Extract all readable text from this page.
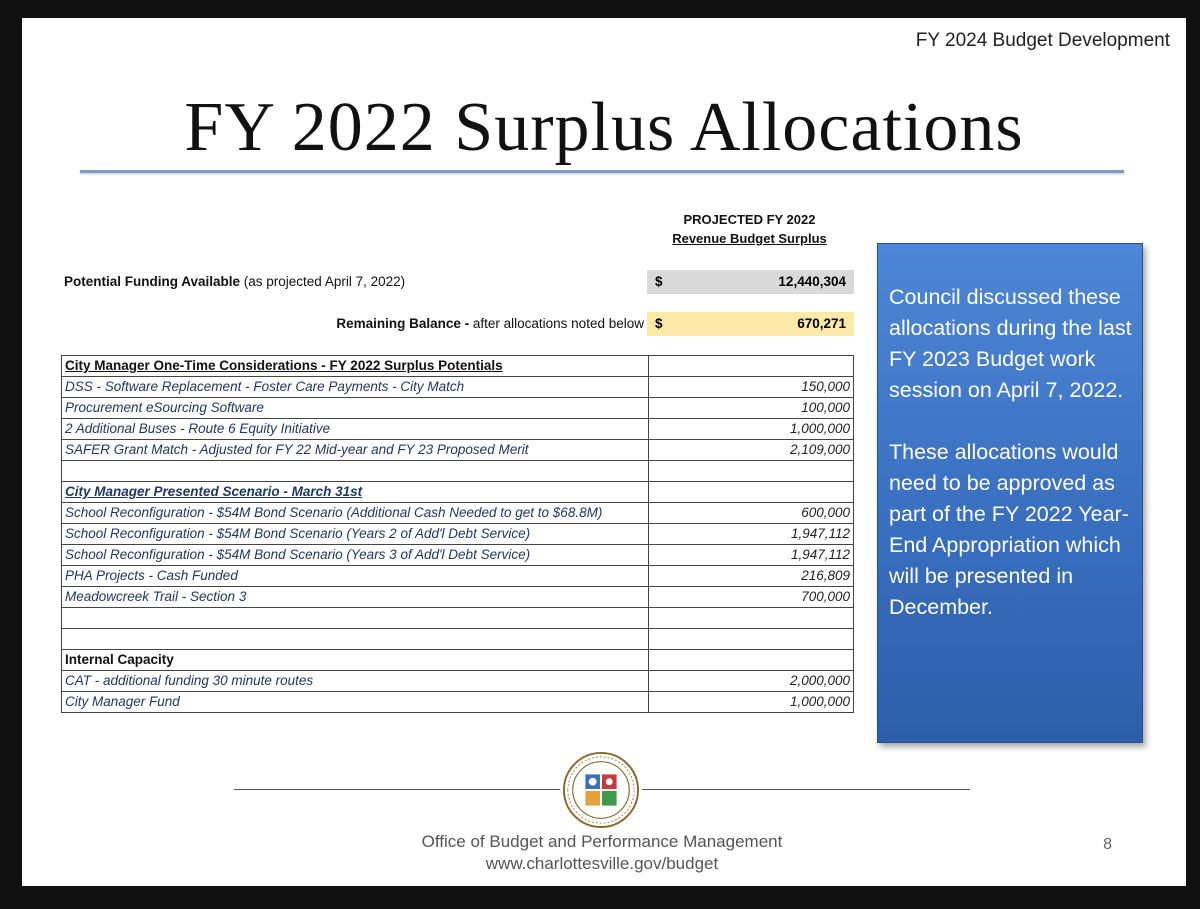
FY 2024 Budget Development
FY 2022 Surplus Allocations
PROJECTED FY 2022
Revenue Budget Surplus
Potential Funding Available (as projected April 7, 2022)	$	12,440,304
Remaining Balance - after allocations noted below $	670,271
City Manager One-Time Considerations - FY 2022 Surplus Potentials	
DSS - Software Replacement - Foster Care Payments - City Match	150,000
Procurement eSourcing Software	100,000
2 Additional Buses - Route 6 Equity Initiative	1,000,000
SAFER Grant Match - Adjusted for FY 22 Mid-year and FY 23 Proposed Merit	2,109,000

City Manager Presented Scenario - March 31st	
School Reconfiguration - $54M Bond Scenario (Additional Cash Needed to get to $68.8M)	600,000
School Reconfiguration - $54M Bond Scenario (Years 2 of Add'l Debt Service)	1,947,112
School Reconfiguration - $54M Bond Scenario (Years 3 of Add'l Debt Service)	1,947,112
PHA Projects - Cash Funded	216,809
Meadowcreek Trail - Section 3	700,000

Internal Capacity	
CAT - additional funding 30 minute routes	2,000,000
City Manager Fund	1,000,000

Council discussed these allocations during the last FY 2023 Budget work session on April 7, 2022.

These allocations would need to be approved as part of the FY 2022 Year-End Appropriation which will be presented in December.

Office of Budget and Performance Management
www.charlottesville.gov/budget
8
